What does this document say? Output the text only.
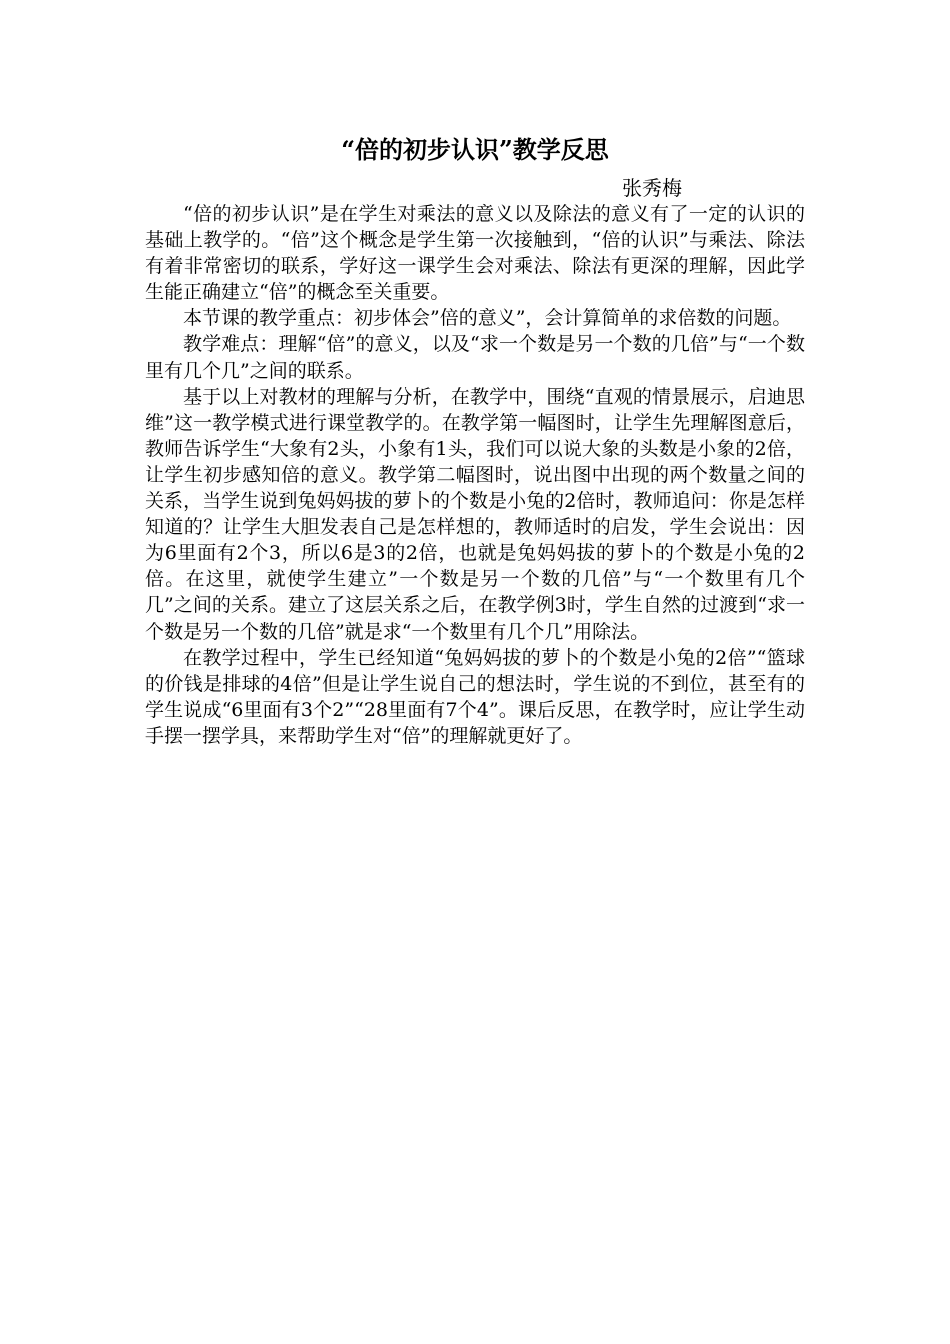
“倍的初步认识”教学反思

张秀梅

“倍的初步认识”是在学生对乘法的意义以及除法的意义有了一定的认识的基础上教学的。“倍”这个概念是学生第一次接触到，“倍的认识”与乘法、除法有着非常密切的联系，学好这一课学生会对乘法、除法有更深的理解，因此学生能正确建立“倍”的概念至关重要。

本节课的教学重点：初步体会”倍的意义”，会计算简单的求倍数的问题。

教学难点：理解“倍”的意义，以及“求一个数是另一个数的几倍”与“一个数里有几个几”之间的联系。

基于以上对教材的理解与分析，在教学中，围绕“直观的情景展示，启迪思维”这一教学模式进行课堂教学的。在教学第一幅图时，让学生先理解图意后，教师告诉学生“大象有2头，小象有1头，我们可以说大象的头数是小象的2倍，让学生初步感知倍的意义。教学第二幅图时，说出图中出现的两个数量之间的关系，当学生说到兔妈妈拔的萝卜的个数是小兔的2倍时，教师追问：你是怎样知道的？让学生大胆发表自己是怎样想的，教师适时的启发，学生会说出：因为6里面有2个3，所以6是3的2倍，也就是兔妈妈拔的萝卜的个数是小兔的2倍。在这里，就使学生建立”一个数是另一个数的几倍”与“一个数里有几个几”之间的关系。建立了这层关系之后，在教学例3时，学生自然的过渡到“求一个数是另一个数的几倍”就是求“一个数里有几个几”用除法。

在教学过程中，学生已经知道“兔妈妈拔的萝卜的个数是小兔的2倍”“篮球的价钱是排球的4倍”但是让学生说自己的想法时，学生说的不到位，甚至有的学生说成“6里面有3个2”“28里面有7个4”。课后反思，在教学时，应让学生动手摆一摆学具，来帮助学生对“倍”的理解就更好了。
